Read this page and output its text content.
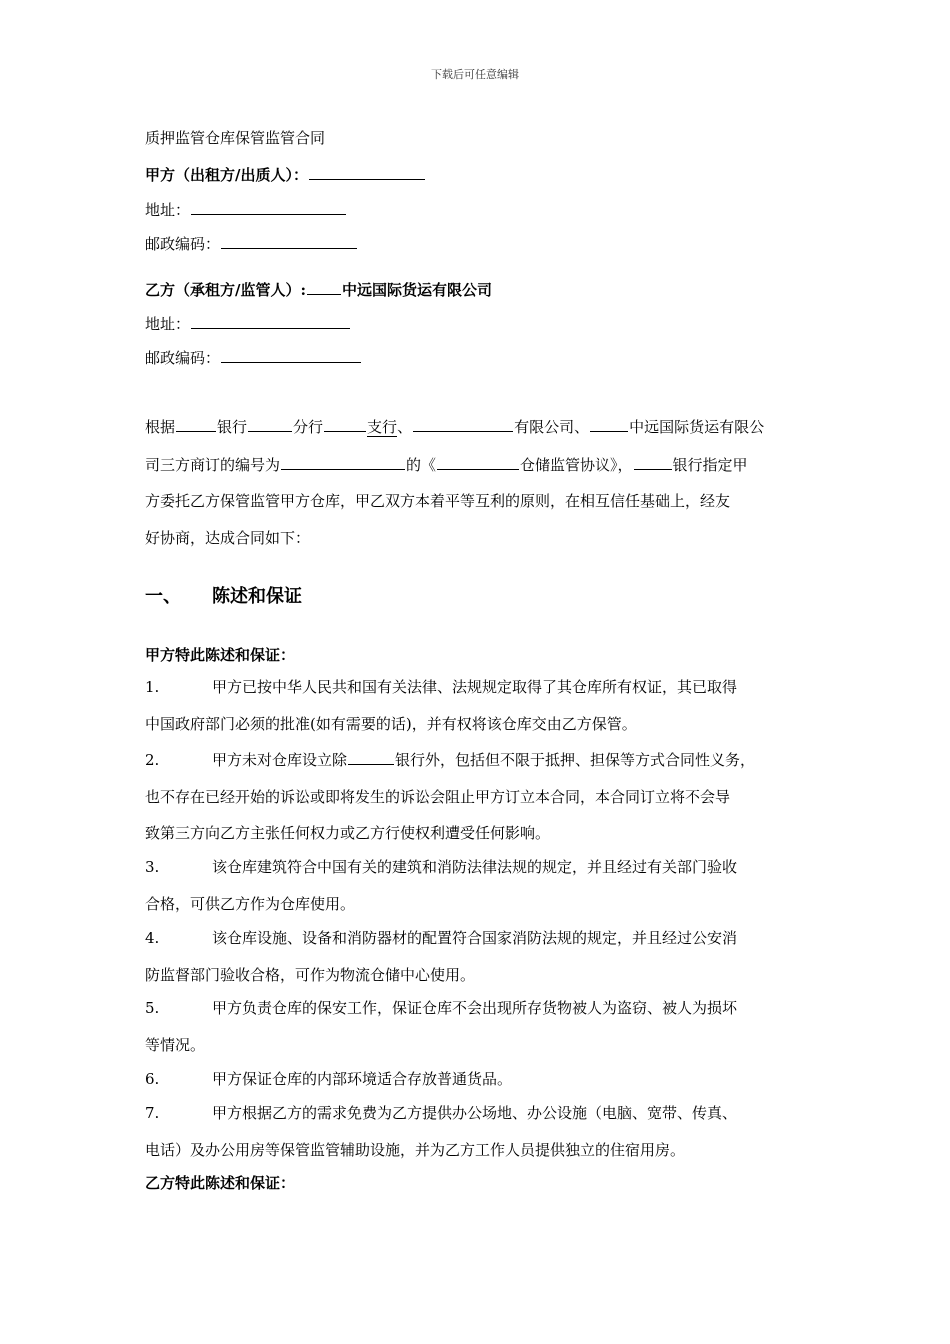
下载后可任意编辑
质押监管仓库保管监管合同
甲方（出租方/出质人）：
地址：
邮政编码：
乙方（承租方/监管人）: 中远国际货运有限公司
地址：
邮政编码：
根据	银行	分行	支行、	有限公司、	中远国际货运有限公
司三方商订的编号为	的《	仓储监管协议》，	银行指定甲
方委托乙方保管监管甲方仓库，甲乙双方本着平等互利的原则，在相互信任基础上，经友
好协商，达成合同如下：
一、 陈述和保证
甲方特此陈述和保证：
1.	甲方已按中华人民共和国有关法律、法规规定取得了其仓库所有权证，其已取得
中国政府部门必须的批准(如有需要的话)，并有权将该仓库交由乙方保管。
2.	甲方未对仓库设立除	银行外，包括但不限于抵押、担保等方式合同性义务，
也不存在已经开始的诉讼或即将发生的诉讼会阻止甲方订立本合同，本合同订立将不会导
致第三方向乙方主张任何权力或乙方行使权利遭受任何影响。
3.	该仓库建筑符合中国有关的建筑和消防法律法规的规定，并且经过有关部门验收
合格，可供乙方作为仓库使用。
4.	该仓库设施、设备和消防器材的配置符合国家消防法规的规定，并且经过公安消
防监督部门验收合格，可作为物流仓储中心使用。
5.	甲方负责仓库的保安工作，保证仓库不会出现所存货物被人为盗窃、被人为损坏
等情况。
6.	甲方保证仓库的内部环境适合存放普通货品。
7.	甲方根据乙方的需求免费为乙方提供办公场地、办公设施（电脑、宽带、传真、
电话）及办公用房等保管监管辅助设施，并为乙方工作人员提供独立的住宿用房。
乙方特此陈述和保证：
